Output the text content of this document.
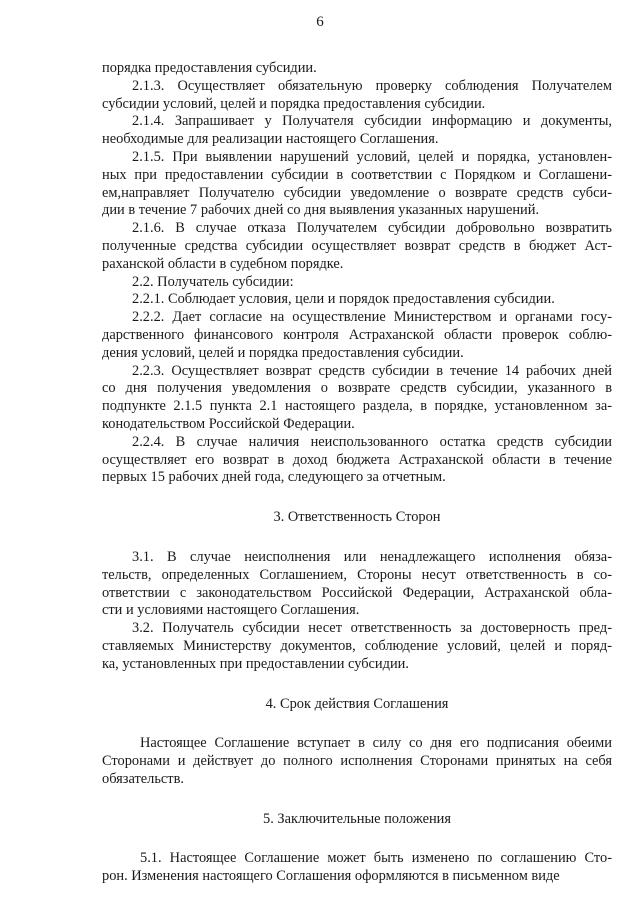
6
порядка предоставления субсидии.
2.1.3. Осуществляет обязательную проверку соблюдения Получателем
субсидии условий, целей и порядка предоставления субсидии.
2.1.4. Запрашивает у Получателя субсидии информацию и документы,
необходимые для реализации настоящего Соглашения.
2.1.5. При выявлении нарушений условий, целей и порядка, установлен-
ных при предоставлении субсидии в соответствии с Порядком и Соглашени-
ем,направляет Получателю субсидии уведомление о возврате средств субси-
дии в течение 7 рабочих дней со дня выявления указанных нарушений.
2.1.6. В случае отказа Получателем субсидии добровольно возвратить
полученные средства субсидии осуществляет возврат средств в бюджет Аст-
раханской области в судебном порядке.
2.2. Получатель субсидии:
2.2.1. Соблюдает условия, цели и порядок предоставления субсидии.
2.2.2. Дает согласие на осуществление Министерством и органами госу-
дарственного финансового контроля Астраханской области проверок соблю-
дения условий, целей и порядка предоставления субсидии.
2.2.3. Осуществляет возврат средств субсидии в течение 14 рабочих дней
со дня получения уведомления о возврате средств субсидии, указанного в
подпункте 2.1.5 пункта 2.1 настоящего раздела, в порядке, установленном за-
конодательством Российской Федерации.
2.2.4. В случае наличия неиспользованного остатка средств субсидии
осуществляет его возврат в доход бюджета Астраханской области в течение
первых 15 рабочих дней года, следующего за отчетным.
3. Ответственность Сторон
3.1. В случае неисполнения или ненадлежащего исполнения обяза-
тельств, определенных Соглашением, Стороны несут ответственность в со-
ответствии с законодательством Российской Федерации, Астраханской обла-
сти и условиями настоящего Соглашения.
3.2. Получатель субсидии несет ответственность за достоверность пред-
ставляемых Министерству документов, соблюдение условий, целей и поряд-
ка, установленных при предоставлении субсидии.
4. Срок действия Соглашения
Настоящее Соглашение вступает в силу со дня его подписания обеими
Сторонами и действует до полного исполнения Сторонами принятых на себя
обязательств.
5. Заключительные положения
5.1. Настоящее Соглашение может быть изменено по соглашению Сто-
рон. Изменения настоящего Соглашения оформляются в письменном виде
